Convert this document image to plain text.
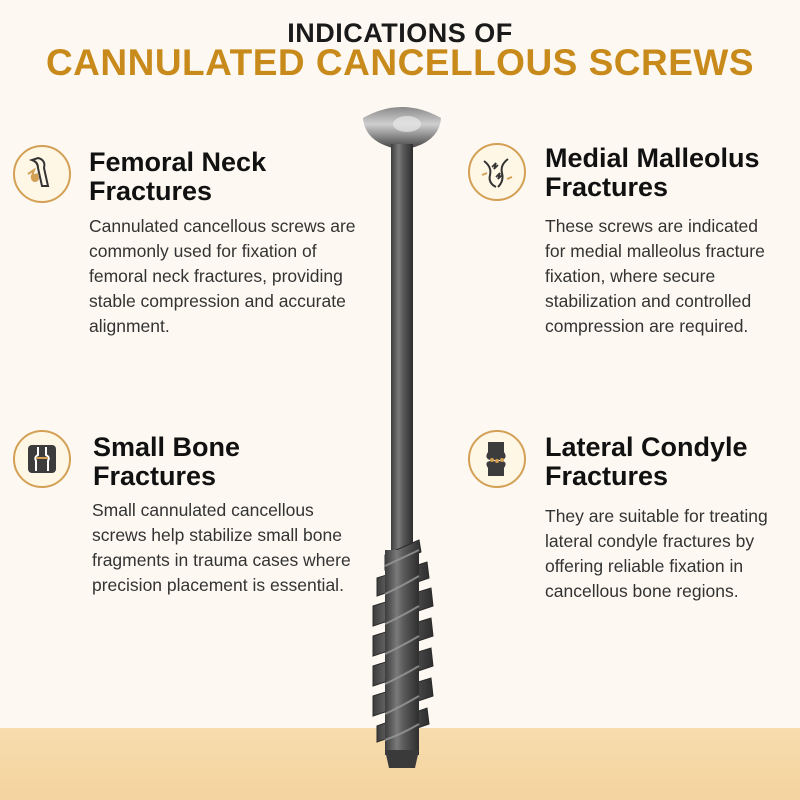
INDICATIONS OF
CANNULATED CANCELLOUS SCREWS
Femoral Neck
Fractures

Cannulated cancellous screws are
commonly used for fixation of
femoral neck fractures, providing
stable compression and accurate
alignment.

Medial Malleolus
Fractures

These screws are indicated
for medial malleolus fracture
fixation, where secure
stabilization and controlled
compression are required.

Small Bone
Fractures

Small cannulated cancellous
screws help stabilize small bone
fragments in trauma cases where
precision placement is essential.

Lateral Condyle
Fractures

They are suitable for treating
lateral condyle fractures by
offering reliable fixation in
cancellous bone regions.
